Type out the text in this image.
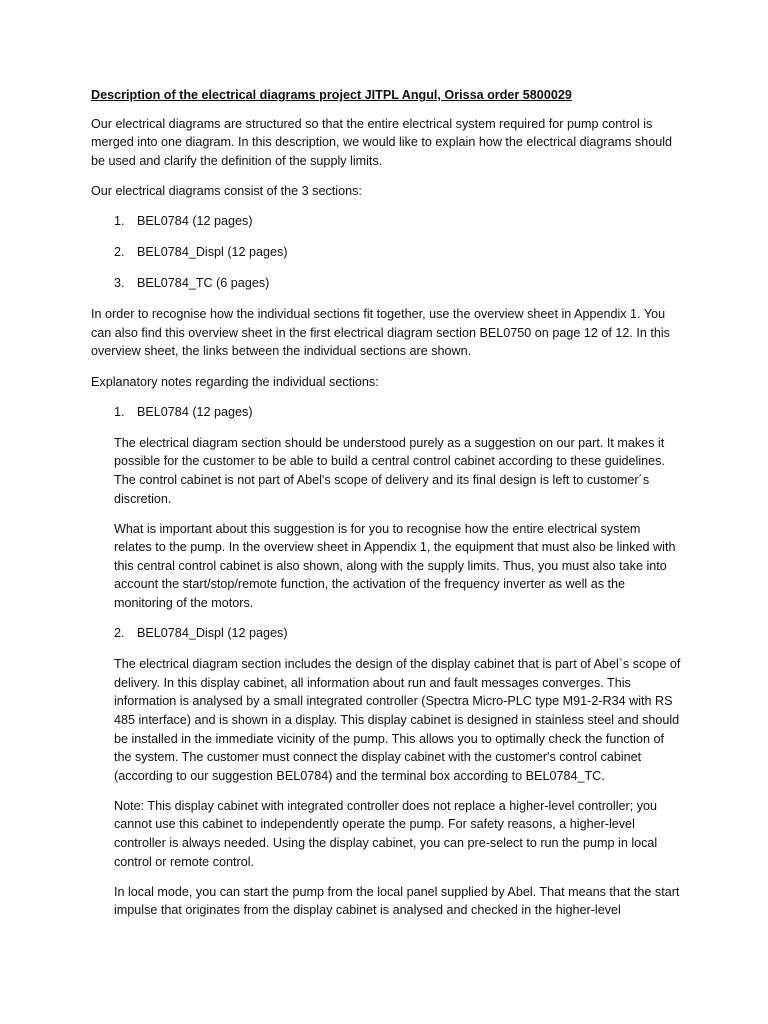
Description of the electrical diagrams project JITPL Angul, Orissa order 5800029

Our electrical diagrams are structured so that the entire electrical system required for pump control is merged into one diagram. In this description, we would like to explain how the electrical diagrams should be used and clarify the definition of the supply limits.

Our electrical diagrams consist of the 3 sections:

1. BEL0784 (12 pages)
2. BEL0784_Displ (12 pages)
3. BEL0784_TC (6 pages)

In order to recognise how the individual sections fit together, use the overview sheet in Appendix 1. You can also find this overview sheet in the first electrical diagram section BEL0750 on page 12 of 12. In this overview sheet, the links between the individual sections are shown.

Explanatory notes regarding the individual sections:

1. BEL0784 (12 pages)

The electrical diagram section should be understood purely as a suggestion on our part. It makes it possible for the customer to be able to build a central control cabinet according to these guidelines. The control cabinet is not part of Abel's scope of delivery and its final design is left to customer´s discretion.

What is important about this suggestion is for you to recognise how the entire electrical system relates to the pump. In the overview sheet in Appendix 1, the equipment that must also be linked with this central control cabinet is also shown, along with the supply limits. Thus, you must also take into account the start/stop/remote function, the activation of the frequency inverter as well as the monitoring of the motors.

2. BEL0784_Displ (12 pages)

The electrical diagram section includes the design of the display cabinet that is part of Abel`s scope of delivery. In this display cabinet, all information about run and fault messages converges. This information is analysed by a small integrated controller (Spectra Micro-PLC type M91-2-R34 with RS 485 interface) and is shown in a display. This display cabinet is designed in stainless steel and should be installed in the immediate vicinity of the pump. This allows you to optimally check the function of the system. The customer must connect the display cabinet with the customer's control cabinet (according to our suggestion BEL0784) and the terminal box according to BEL0784_TC.

Note: This display cabinet with integrated controller does not replace a higher-level controller; you cannot use this cabinet to independently operate the pump. For safety reasons, a higher-level controller is always needed. Using the display cabinet, you can pre-select to run the pump in local control or remote control.

In local mode, you can start the pump from the local panel supplied by Abel. That means that the start impulse that originates from the display cabinet is analysed and checked in the higher-level
